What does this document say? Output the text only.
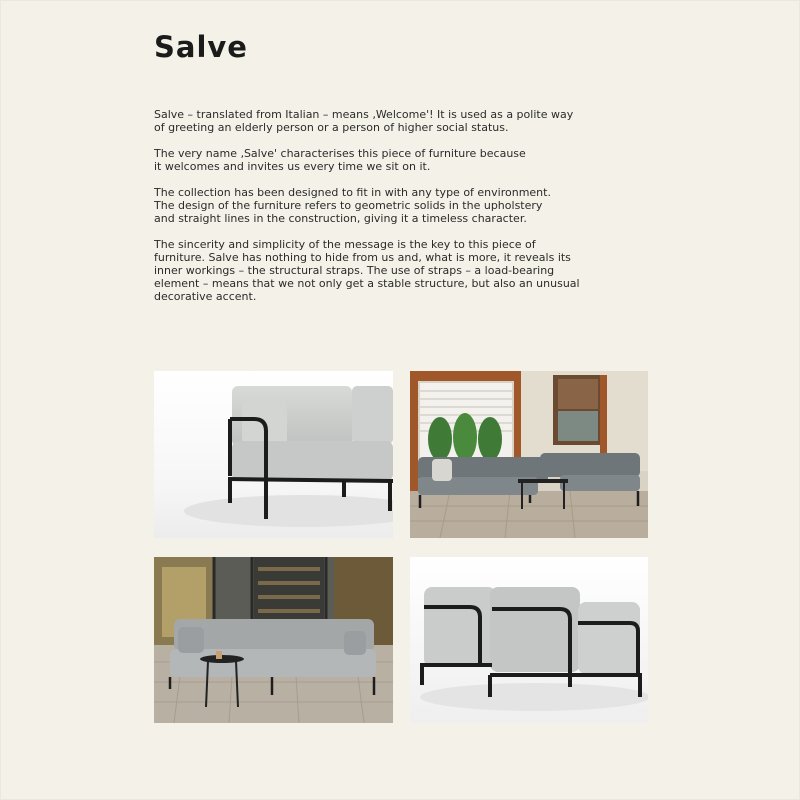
Salve

Salve – translated from Italian – means ‚Welcome'! It is used as a polite way
of greeting an elderly person or a person of higher social status.

The very name ‚Salve' characterises this piece of furniture because
it welcomes and invites us every time we sit on it.

The collection has been designed to fit in with any type of environment.
The design of the furniture refers to geometric solids in the upholstery
and straight lines in the construction, giving it a timeless character.

The sincerity and simplicity of the message is the key to this piece of
furniture. Salve has nothing to hide from us and, what is more, it reveals its
inner workings – the structural straps. The use of straps – a load-bearing
element – means that we not only get a stable structure, but also an unusual
decorative accent.
